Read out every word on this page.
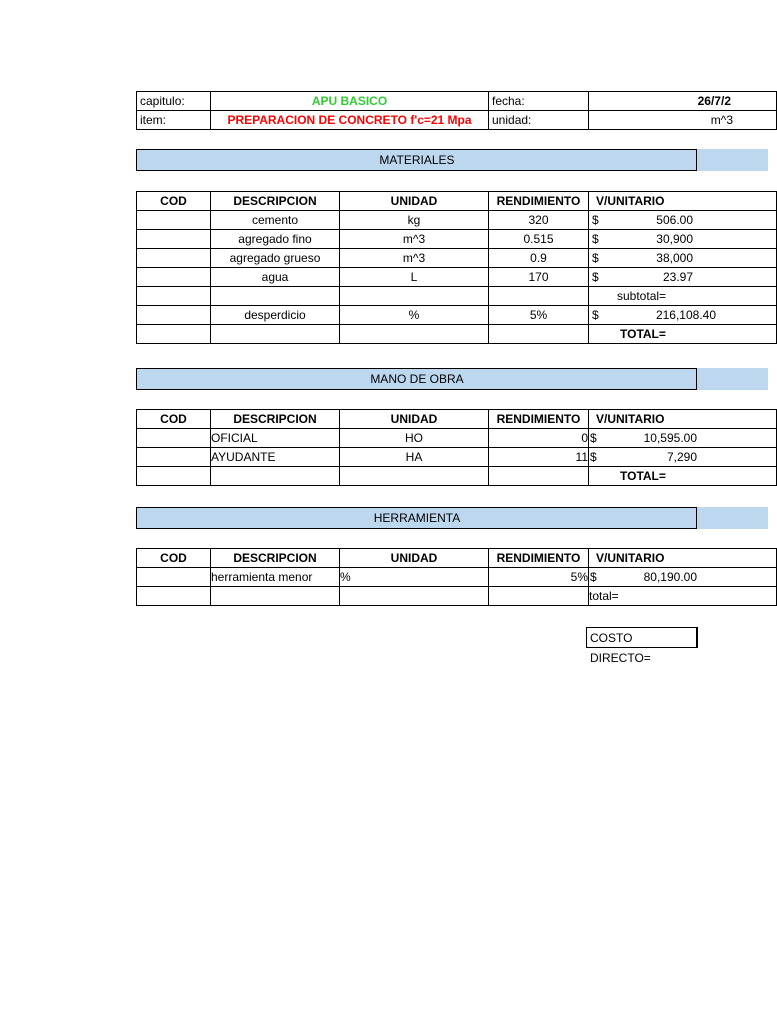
capitulo:	APU BASICO	fecha:	26/7/2
item:	PREPARACION DE CONCRETO f'c=21 Mpa	unidad:	m^3
MATERIALES
COD	DESCRIPCION	UNIDAD	RENDIMIENTO	V/UNITARIO
	cemento	kg	320	$ 506.00

	agregado fino	m^3	0.515	$ 30,900

	agregado grueso	m^3	0.9	$ 38,000

	agua	L	170	$ 23.97

				subtotal=
	desperdicio	%	5%	$ 216,108.40

				TOTAL=
MANO DE OBRA
COD	DESCRIPCION	UNIDAD	RENDIMIENTO	V/UNITARIO
	OFICIAL	HO	0	$ 10,595.00

	AYUDANTE	HA	11	$ 7,290

				TOTAL=
HERRAMIENTA
COD	DESCRIPCION	UNIDAD	RENDIMIENTO	V/UNITARIO
	herramienta menor	%	5%	$ 80,190.00

				total=
COSTO DIRECTO=
